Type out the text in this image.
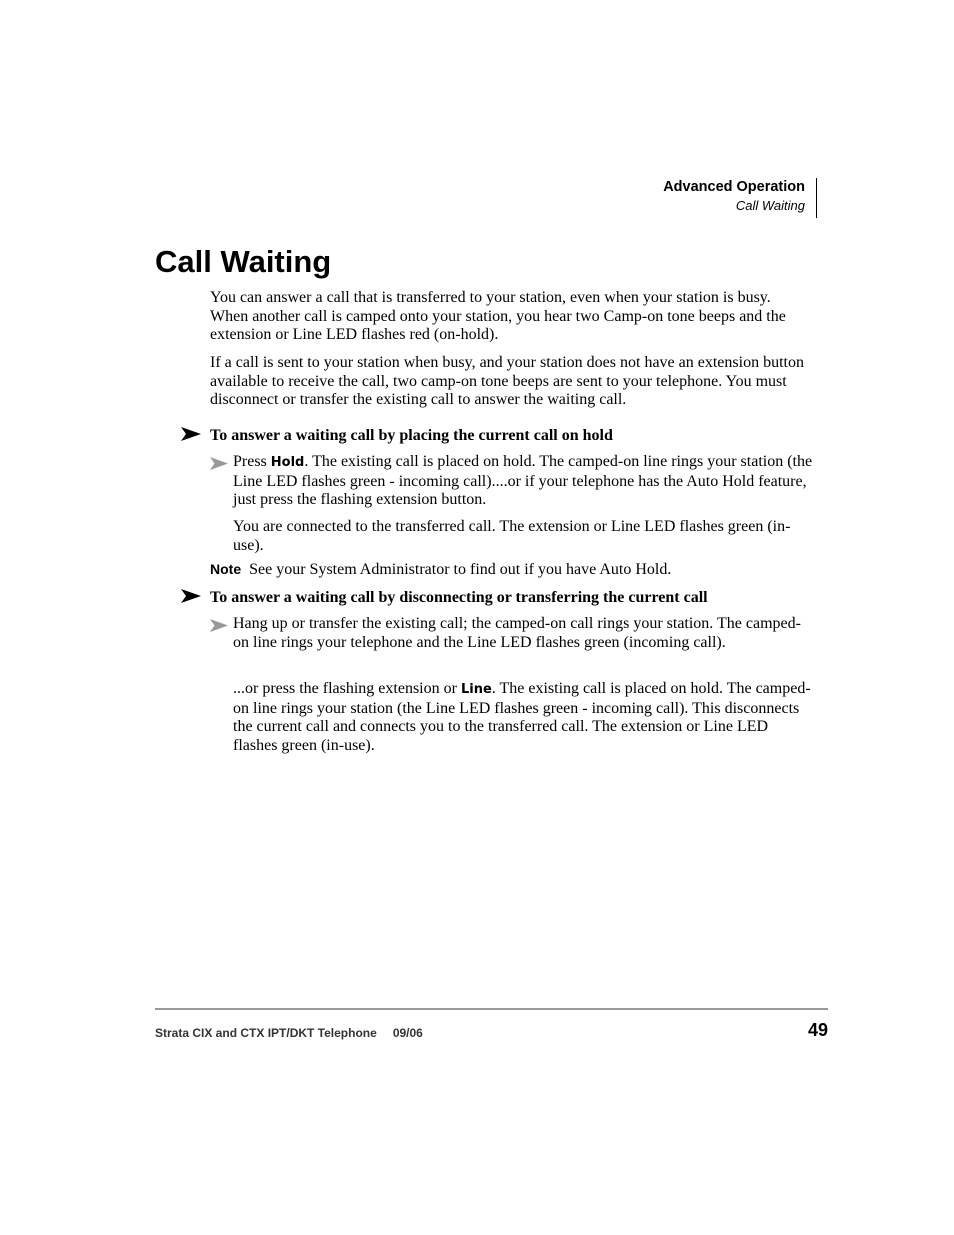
Advanced Operation
Call Waiting
Call Waiting

You can answer a call that is transferred to your station, even when your station is busy. When another call is camped onto your station, you hear two Camp-on tone beeps and the extension or Line LED flashes red (on-hold).

If a call is sent to your station when busy, and your station does not have an extension button available to receive the call, two camp-on tone beeps are sent to your telephone. You must disconnect or transfer the existing call to answer the waiting call.

To answer a waiting call by placing the current call on hold

Press Hold. The existing call is placed on hold. The camped-on line rings your station (the Line LED flashes green - incoming call)....or if your telephone has the Auto Hold feature, just press the flashing extension button.

You are connected to the transferred call. The extension or Line LED flashes green (in-use).

Note See your System Administrator to find out if you have Auto Hold.

To answer a waiting call by disconnecting or transferring the current call

Hang up or transfer the existing call; the camped-on call rings your station. The camped-on line rings your telephone and the Line LED flashes green (incoming call).

...or press the flashing extension or Line. The existing call is placed on hold. The camped-on line rings your station (the Line LED flashes green - incoming call). This disconnects the current call and connects you to the transferred call. The extension or Line LED flashes green (in-use).

Strata CIX and CTX IPT/DKT Telephone 09/06	49
